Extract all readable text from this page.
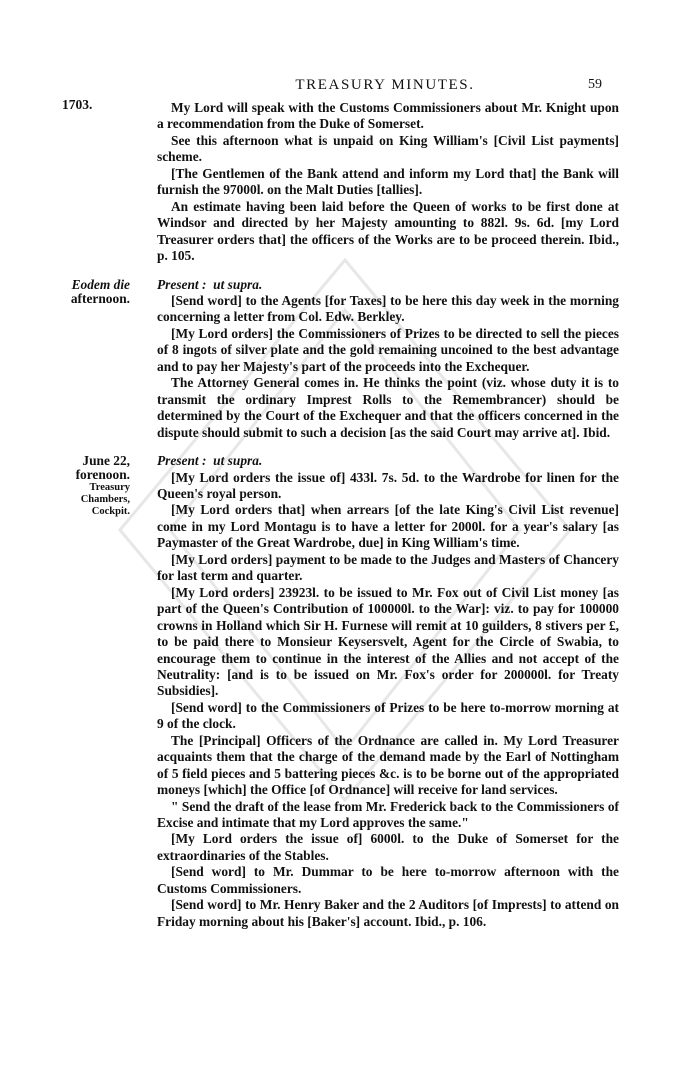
TREASURY MINUTES.	59
1703.	My Lord will speak with the Customs Commissioners about Mr. Knight upon a recommendation from the Duke of Somerset.

See this afternoon what is unpaid on King William's [Civil List payments] scheme.

[The Gentlemen of the Bank attend and inform my Lord that] the Bank will furnish the 97000l. on the Malt Duties [tallies].

An estimate having been laid before the Queen of works to be first done at Windsor and directed by her Majesty amounting to 882l. 9s. 6d. [my Lord Treasurer orders that] the officers of the Works are to be proceed therein. Ibid., p. 105.

Eodem die
afternoon.

Present : ut supra.

[Send word] to the Agents [for Taxes] to be here this day week in the morning concerning a letter from Col. Edw. Berkley.

[My Lord orders] the Commissioners of Prizes to be directed to sell the pieces of 8 ingots of silver plate and the gold remaining uncoined to the best advantage and to pay her Majesty's part of the proceeds into the Exchequer.

The Attorney General comes in. He thinks the point (viz. whose duty it is to transmit the ordinary Imprest Rolls to the Remembrancer) should be determined by the Court of the Exchequer and that the officers concerned in the dispute should submit to such a decision [as the said Court may arrive at]. Ibid.

June 22,
forenoon.
Treasury
Chambers,
Cockpit.

Present : ut supra.

[My Lord orders the issue of] 433l. 7s. 5d. to the Wardrobe for linen for the Queen's royal person.

[My Lord orders that] when arrears [of the late King's Civil List revenue] come in my Lord Montagu is to have a letter for 2000l. for a year's salary [as Paymaster of the Great Wardrobe, due] in King William's time.

[My Lord orders] payment to be made to the Judges and Masters of Chancery for last term and quarter.

[My Lord orders] 23923l. to be issued to Mr. Fox out of Civil List money [as part of the Queen's Contribution of 100000l. to the War]: viz. to pay for 100000 crowns in Holland which Sir H. Furnese will remit at 10 guilders, 8 stivers per £, to be paid there to Monsieur Keysersvelt, Agent for the Circle of Swabia, to encourage them to continue in the interest of the Allies and not accept of the Neutrality: [and is to be issued on Mr. Fox's order for 200000l. for Treaty Subsidies].

[Send word] to the Commissioners of Prizes to be here to-morrow morning at 9 of the clock.

The [Principal] Officers of the Ordnance are called in. My Lord Treasurer acquaints them that the charge of the demand made by the Earl of Nottingham of 5 field pieces and 5 battering pieces &c. is to be borne out of the appropriated moneys [which] the Office [of Ordnance] will receive for land services.

" Send the draft of the lease from Mr. Frederick back to the Commissioners of Excise and intimate that my Lord approves the same."

[My Lord orders the issue of] 6000l. to the Duke of Somerset for the extraordinaries of the Stables.

[Send word] to Mr. Dummar to be here to-morrow afternoon with the Customs Commissioners.

[Send word] to Mr. Henry Baker and the 2 Auditors [of Imprests] to attend on Friday morning about his [Baker's] account. Ibid., p. 106.
